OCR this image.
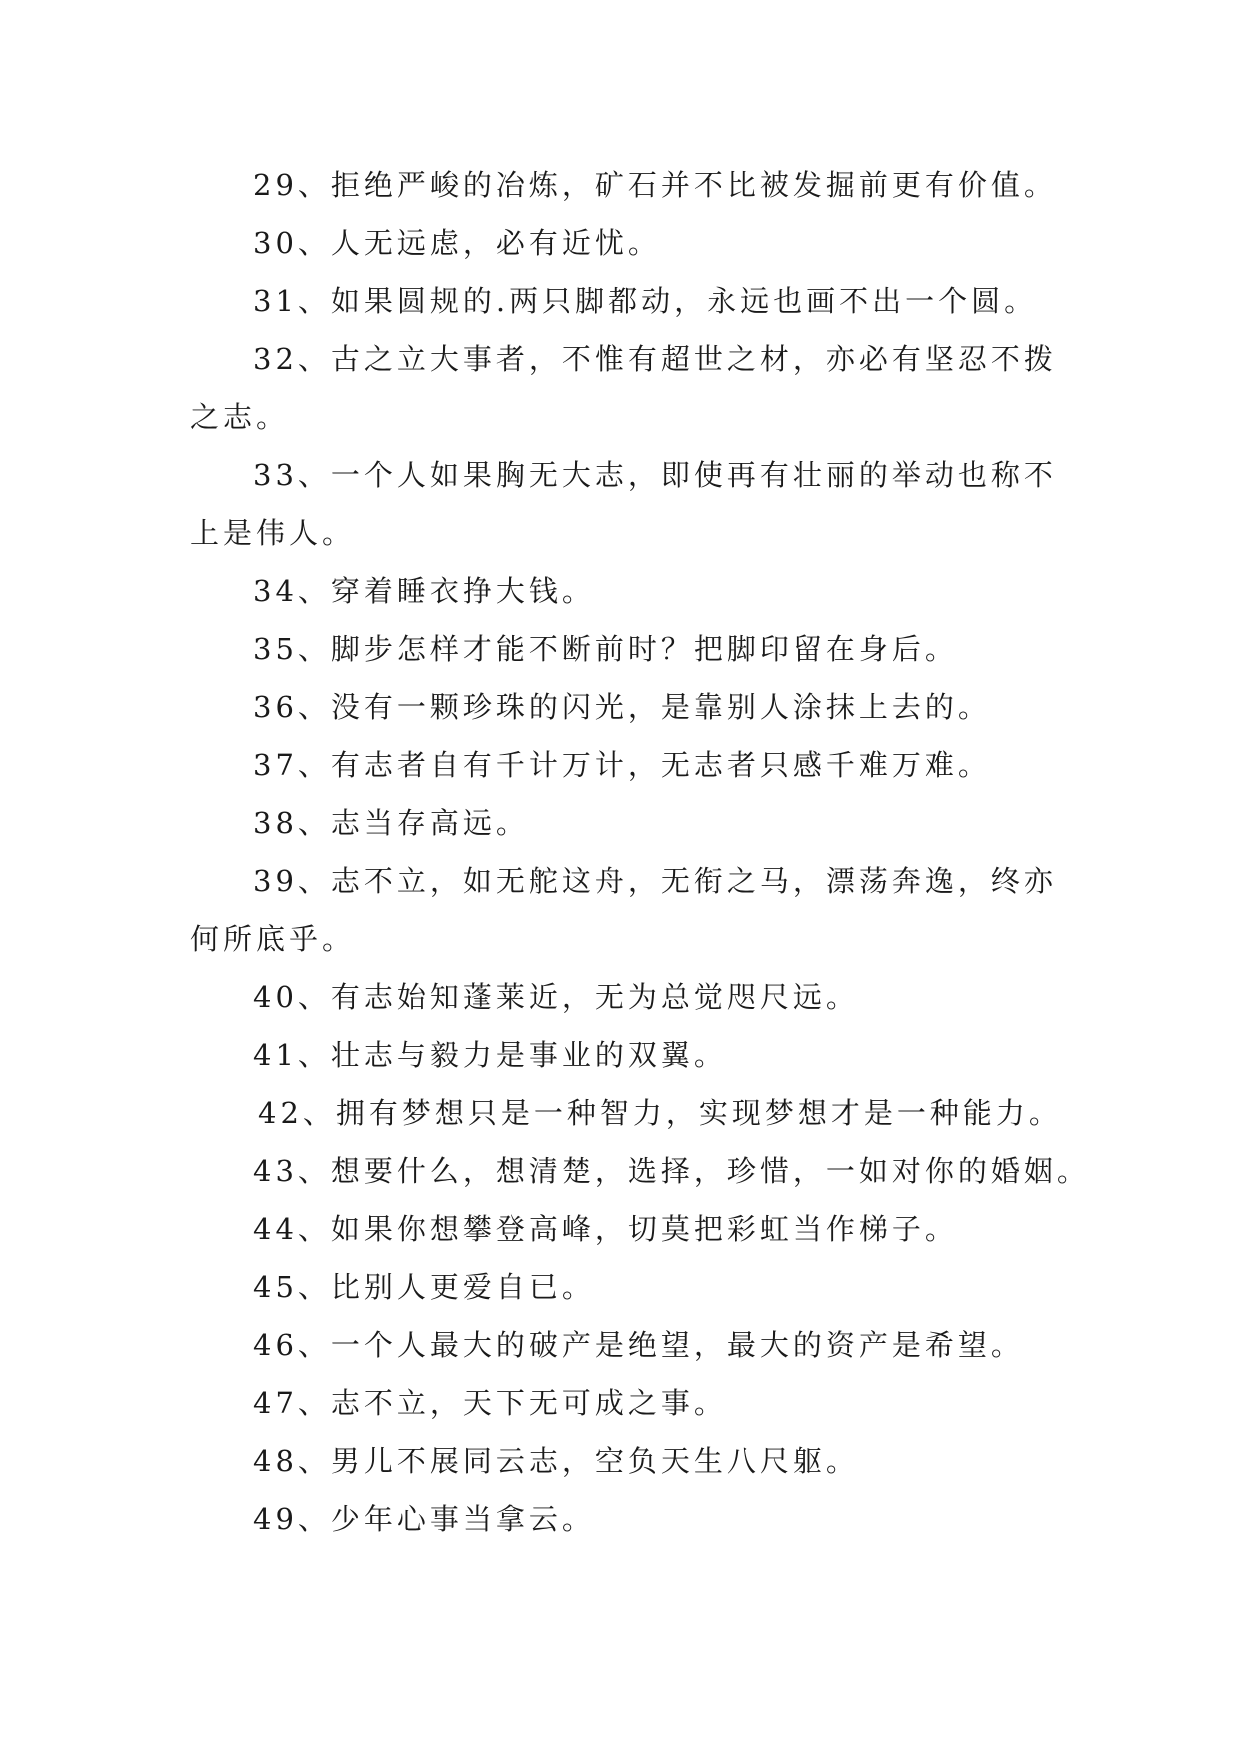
29、拒绝严峻的冶炼，矿石并不比被发掘前更有价值。
30、人无远虑，必有近忧。
31、如果圆规的.两只脚都动，永远也画不出一个圆。
32、古之立大事者，不惟有超世之材，亦必有坚忍不拨
之志。
33、一个人如果胸无大志，即使再有壮丽的举动也称不
上是伟人。
34、穿着睡衣挣大钱。
35、脚步怎样才能不断前时？把脚印留在身后。
36、没有一颗珍珠的闪光，是靠别人涂抹上去的。
37、有志者自有千计万计，无志者只感千难万难。
38、志当存高远。
39、志不立，如无舵这舟，无衔之马，漂荡奔逸，终亦
何所底乎。
40、有志始知蓬莱近，无为总觉咫尺远。
41、壮志与毅力是事业的双翼。
42、拥有梦想只是一种智力，实现梦想才是一种能力。
43、想要什么，想清楚，选择，珍惜，一如对你的婚姻。
44、如果你想攀登高峰，切莫把彩虹当作梯子。
45、比别人更爱自已。
46、一个人最大的破产是绝望，最大的资产是希望。
47、志不立，天下无可成之事。
48、男儿不展同云志，空负天生八尺躯。
49、少年心事当拿云。
